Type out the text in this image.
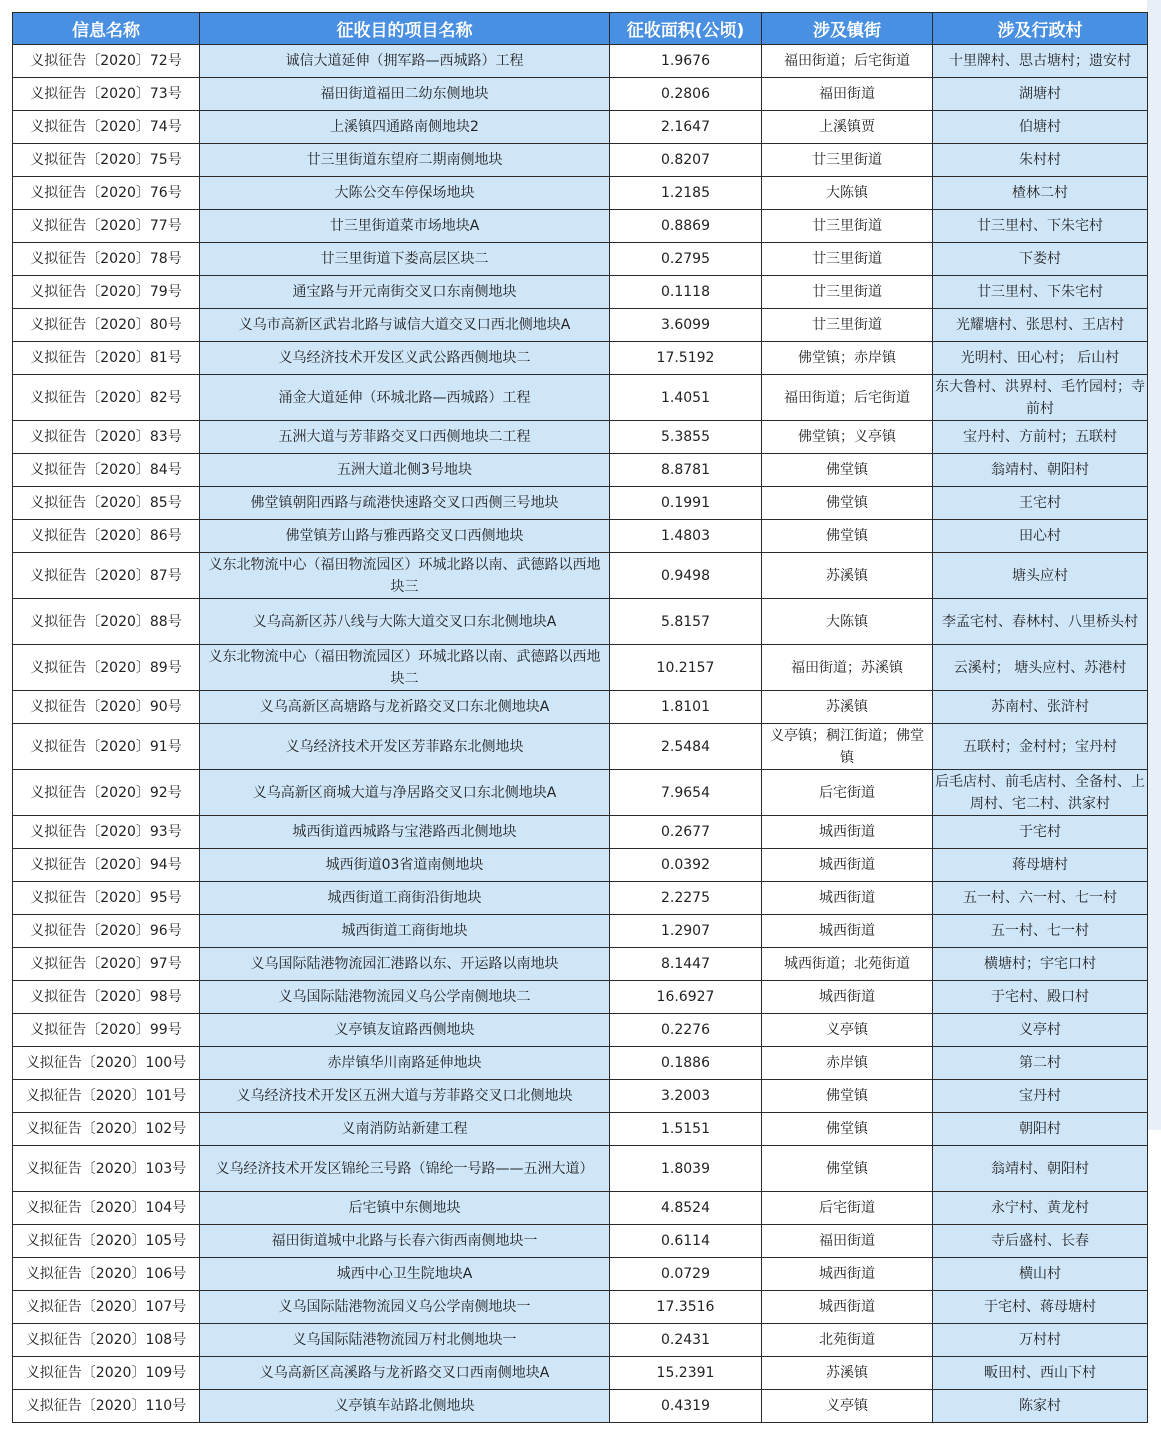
信息名称	征收目的项目名称	征收面积(公顷)	涉及镇街	涉及行政村
义拟征告〔2020〕72号	诚信大道延伸（拥军路—西城路）工程	1.9676	福田街道；后宅街道	十里牌村、思古塘村；遗安村
义拟征告〔2020〕73号	福田街道福田二幼东侧地块	0.2806	福田街道	湖塘村
义拟征告〔2020〕74号	上溪镇四通路南侧地块2	2.1647	上溪镇贾	伯塘村
义拟征告〔2020〕75号	廿三里街道东望府二期南侧地块	0.8207	廿三里街道	朱村村
义拟征告〔2020〕76号	大陈公交车停保场地块	1.2185	大陈镇	楂林二村
义拟征告〔2020〕77号	廿三里街道菜市场地块A	0.8869	廿三里街道	廿三里村、下朱宅村
义拟征告〔2020〕78号	廿三里街道下娄高层区块二	0.2795	廿三里街道	下娄村
义拟征告〔2020〕79号	通宝路与开元南街交叉口东南侧地块	0.1118	廿三里街道	廿三里村、下朱宅村
义拟征告〔2020〕80号	义乌市高新区武岩北路与诚信大道交叉口西北侧地块A	3.6099	廿三里街道	光耀塘村、张思村、王店村
义拟征告〔2020〕81号	义乌经济技术开发区义武公路西侧地块二	17.5192	佛堂镇；赤岸镇	光明村、田心村； 后山村
义拟征告〔2020〕82号	涌金大道延伸（环城北路—西城路）工程	1.4051	福田街道；后宅街道	东大鲁村、洪界村、毛竹园村；寺前村
义拟征告〔2020〕83号	五洲大道与芳菲路交叉口西侧地块二工程	5.3855	佛堂镇；义亭镇	宝丹村、方前村；五联村
义拟征告〔2020〕84号	五洲大道北侧3号地块	8.8781	佛堂镇	翁靖村、朝阳村
义拟征告〔2020〕85号	佛堂镇朝阳西路与疏港快速路交叉口西侧三号地块	0.1991	佛堂镇	王宅村
义拟征告〔2020〕86号	佛堂镇芳山路与雅西路交叉口西侧地块	1.4803	佛堂镇	田心村
义拟征告〔2020〕87号	义东北物流中心（福田物流园区）环城北路以南、武德路以西地块三	0.9498	苏溪镇	塘头应村
义拟征告〔2020〕88号	义乌高新区苏八线与大陈大道交叉口东北侧地块A	5.8157	大陈镇	李孟宅村、春林村、八里桥头村
义拟征告〔2020〕89号	义东北物流中心（福田物流园区）环城北路以南、武德路以西地块二	10.2157	福田街道；苏溪镇	云溪村； 塘头应村、苏港村
义拟征告〔2020〕90号	义乌高新区高塘路与龙祈路交叉口东北侧地块A	1.8101	苏溪镇	苏南村、张浒村
义拟征告〔2020〕91号	义乌经济技术开发区芳菲路东北侧地块	2.5484	义亭镇；稠江街道；佛堂镇	五联村；金村村；宝丹村
义拟征告〔2020〕92号	义乌高新区商城大道与净居路交叉口东北侧地块A	7.9654	后宅街道	后毛店村、前毛店村、全备村、上周村、宅二村、洪家村
义拟征告〔2020〕93号	城西街道西城路与宝港路西北侧地块	0.2677	城西街道	于宅村
义拟征告〔2020〕94号	城西街道03省道南侧地块	0.0392	城西街道	蒋母塘村
义拟征告〔2020〕95号	城西街道工商街沿街地块	2.2275	城西街道	五一村、六一村、七一村
义拟征告〔2020〕96号	城西街道工商街地块	1.2907	城西街道	五一村、七一村
义拟征告〔2020〕97号	义乌国际陆港物流园汇港路以东、开运路以南地块	8.1447	城西街道；北苑街道	横塘村；宇宅口村
义拟征告〔2020〕98号	义乌国际陆港物流园义乌公学南侧地块二	16.6927	城西街道	于宅村、殿口村
义拟征告〔2020〕99号	义亭镇友谊路西侧地块	0.2276	义亭镇	义亭村
义拟征告〔2020〕100号	赤岸镇华川南路延伸地块	0.1886	赤岸镇	第二村
义拟征告〔2020〕101号	义乌经济技术开发区五洲大道与芳菲路交叉口北侧地块	3.2003	佛堂镇	宝丹村
义拟征告〔2020〕102号	义南消防站新建工程	1.5151	佛堂镇	朝阳村
义拟征告〔2020〕103号	义乌经济技术开发区锦纶三号路（锦纶一号路——五洲大道）	1.8039	佛堂镇	翁靖村、朝阳村
义拟征告〔2020〕104号	后宅镇中东侧地块	4.8524	后宅街道	永宁村、黄龙村
义拟征告〔2020〕105号	福田街道城中北路与长春六街西南侧地块一	0.6114	福田街道	寺后盛村、长春
义拟征告〔2020〕106号	城西中心卫生院地块A	0.0729	城西街道	横山村
义拟征告〔2020〕107号	义乌国际陆港物流园义乌公学南侧地块一	17.3516	城西街道	于宅村、蒋母塘村
义拟征告〔2020〕108号	义乌国际陆港物流园万村北侧地块一	0.2431	北苑街道	万村村
义拟征告〔2020〕109号	义乌高新区高溪路与龙祈路交叉口西南侧地块A	15.2391	苏溪镇	畈田村、西山下村
义拟征告〔2020〕110号	义亭镇车站路北侧地块	0.4319	义亭镇	陈家村
